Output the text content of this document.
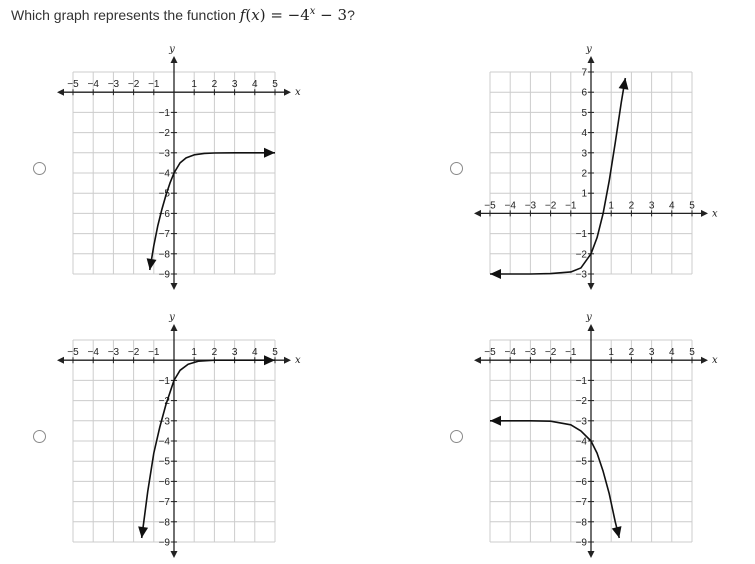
Which graph represents the function $f(x) = -4^x - 3$?
x
y
−5 −4 −3 −2 −1	1 2 3 4 5
−1
−2
−3
−4
−5
−6
−7
−8
−9
x
y
−5 −4 −3 −2 −1	1 2 3 4 5
7
6
5
4
3
2
1
−1
−2
−3
x
y
−5 −4 −3 −2 −1	1 2 3 4 5
−1
−2
−3
−4
−5
−6
−7
−8
−9
x
y
−5 −4 −3 −2 −1	1 2 3 4 5
−1
−2
−3
−4
−5
−6
−7
−8
−9
